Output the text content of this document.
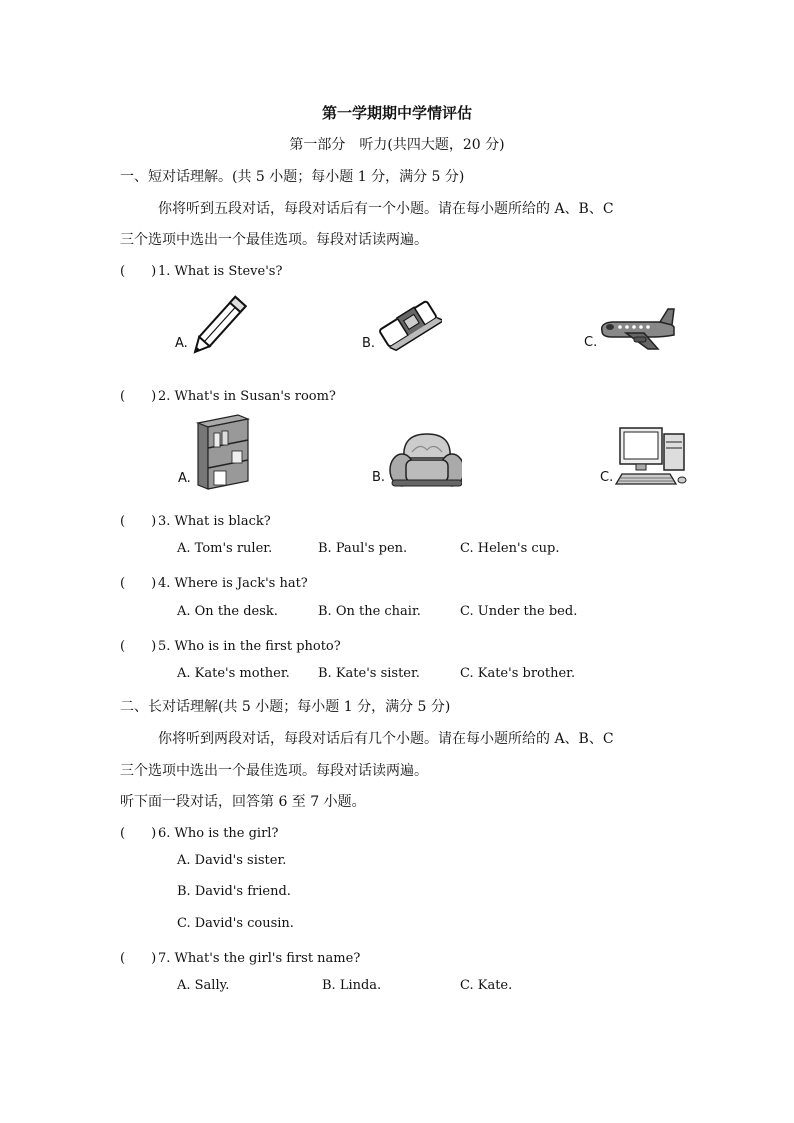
第一学期期中学情评估
第一部分　听力(共四大题，20 分)
一、短对话理解。(共 5 小题；每小题 1 分，满分 5 分)
你将听到五段对话，每段对话后有一个小题。请在每小题所给的 A、B、C
三个选项中选出一个最佳选项。每段对话读两遍。
(　　) 1. What is Steve's?
A.	B.	C.
(　　) 2. What's in Susan's room?
A.	B.	C.
(　　) 3. What is black?
A. Tom's ruler.	B. Paul's pen.	C. Helen's cup.
(　　) 4. Where is Jack's hat?
A. On the desk.	B. On the chair.	C. Under the bed.
(　　) 5. Who is in the first photo?
A. Kate's mother. B. Kate's sister.	C. Kate's brother.
二、长对话理解(共 5 小题；每小题 1 分，满分 5 分)
你将听到两段对话，每段对话后有几个小题。请在每小题所给的 A、B、C
三个选项中选出一个最佳选项。每段对话读两遍。
听下面一段对话，回答第 6 至 7 小题。
(　　) 6. Who is the girl?
A. David's sister.
B. David's friend.
C. David's cousin.
(　　) 7. What's the girl's first name?
A. Sally.	B. Linda.	C. Kate.
